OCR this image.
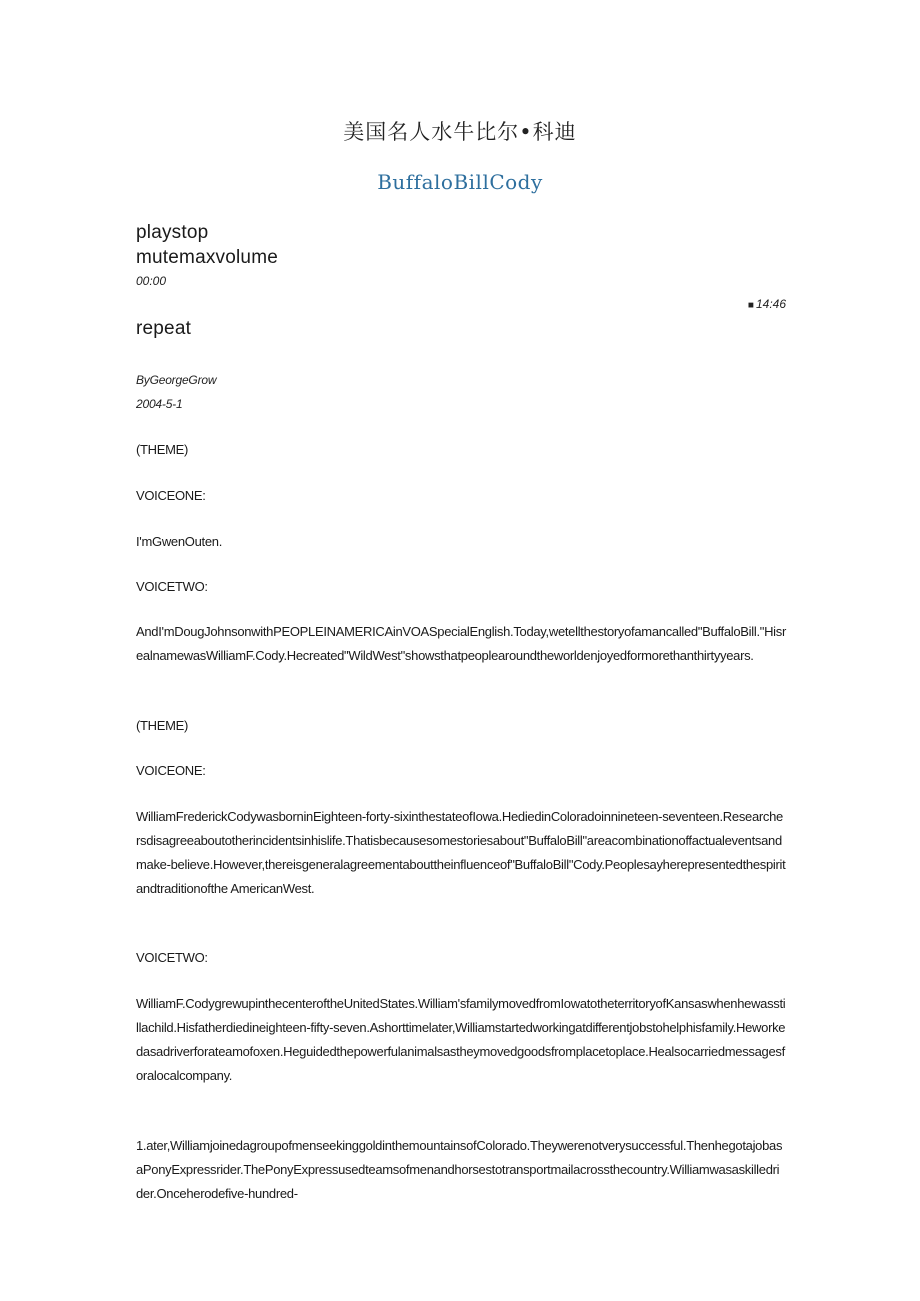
美国名人水牛比尔•科迪
BuffaloBillCody
playstop
mutemaxvolume
00:00
■ 14:46
repeat
ByGeorgeGrow
2004-5-1
(THEME)
VOICEONE:
I'mGwenOuten.
VOICETWO:
AndI'mDougJohnsonwithPEOPLEINAMERICAinVOASpecialEnglish.Today,wetellthestoryofamancalled"BuffaloBill."HisrealnamewasWilliamF.Cody.Hecreated"WildWest"showsthatpeoplearoundtheworldenjoyedformorethanthirtyyears.
(THEME)
VOICEONE:
WilliamFrederickCodywasborninEighteen-forty-sixinthestateofIowa.HediedinColoradoinnineteen-seventeen.Researchersdisagreeaboutotherincidentsinhislife.Thatisbecausesomestoriesabout"BuffaloBill"areacombinationoffactualeventsandmake-believe.However,thereisgeneralagreementabouttheinfluenceof"BuffaloBill"Cody.Peoplesayherepresentedthespiritandtraditionofthe AmericanWest.
VOICETWO:
WilliamF.CodygrewupinthecenteroftheUnitedStates.William'sfamilymovedfromIowatotheterritoryofKansaswhenhewasstillachild.Hisfatherdiedineighteen-fifty-seven.Ashorttimelater,Williamstartedworkingatdifferentjobstohelphisfamily.Heworkedasadriverforateamofoxen.Heguidedthepowerfulanimalsastheymovedgoodsfromplacetoplace.Healsocarriedmessagesforalocalcompany.
1.ater,WilliamjoinedagroupofmenseekinggoldinthemountainsofColorado.Theywerenotverysuccessful.ThenhegotajobasaPonyExpressrider.ThePonyExpressusedteamsofmenandhorsestotransportmailacrossthecountry.Williamwasaskilledrider.Onceherodefive-hundred-
